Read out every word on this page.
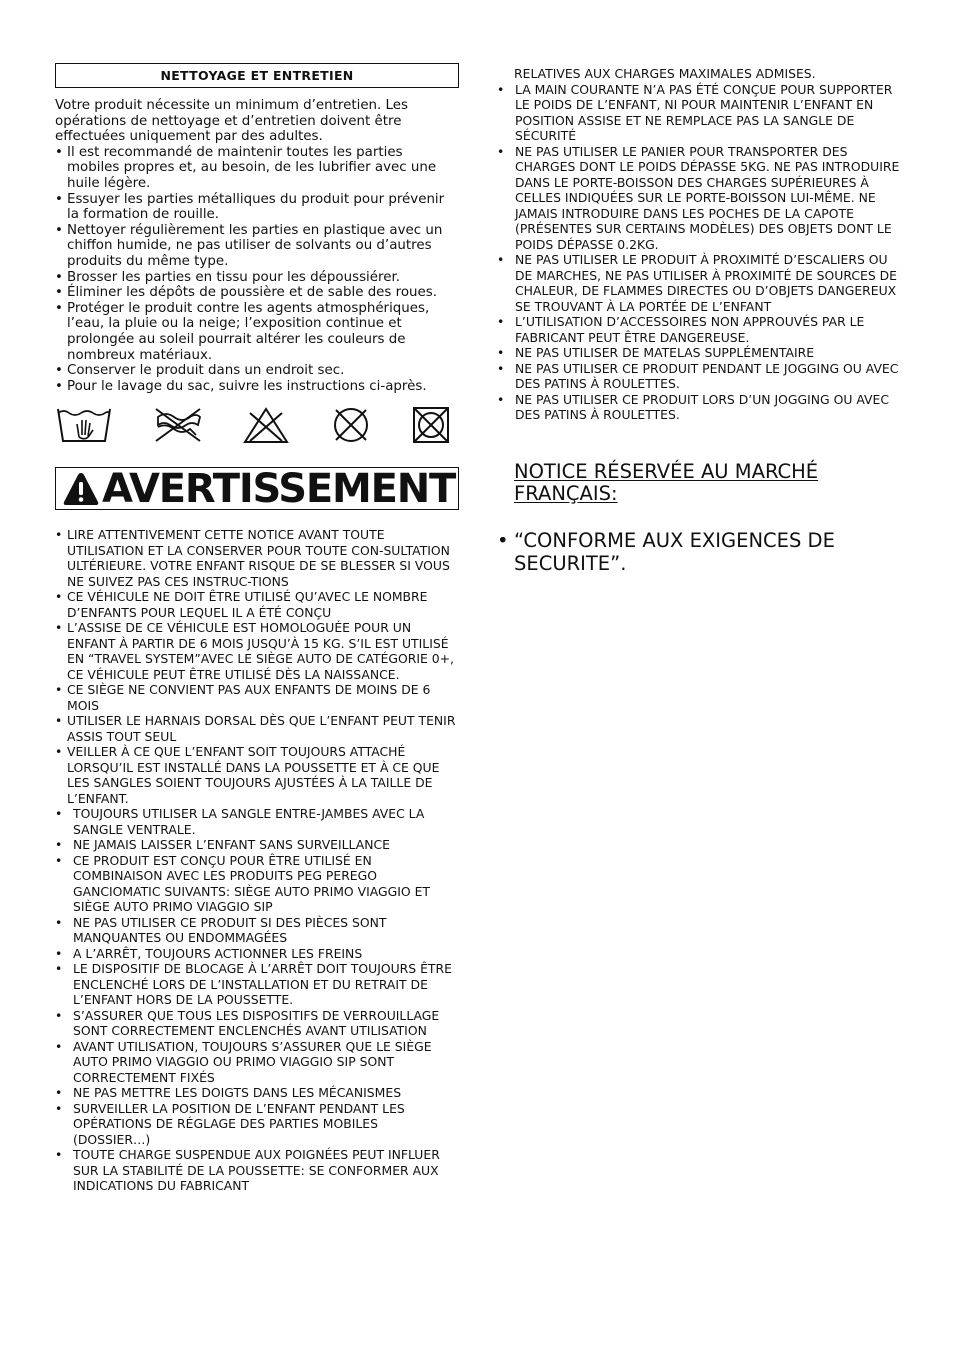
NETTOYAGE ET ENTRETIEN

Votre produit nécessite un minimum d’entretien. Les opérations de nettoyage et d’entretien doivent être effectuées uniquement par des adultes.

• Il est recommandé de maintenir toutes les parties mobiles propres et, au besoin, de les lubrifier avec une huile légère.
• Essuyer les parties métalliques du produit pour prévenir la formation de rouille.
• Nettoyer régulièrement les parties en plastique avec un chiffon humide, ne pas utiliser de solvants ou d’autres produits du même type.
• Brosser les parties en tissu pour les dépoussiérer.
• Éliminer les dépôts de poussière et de sable des roues.
• Protéger le produit contre les agents atmosphériques, l’eau, la pluie ou la neige; l’exposition continue et prolongée au soleil pourrait altérer les couleurs de nombreux matériaux.
• Conserver le produit dans un endroit sec.
• Pour le lavage du sac, suivre les instructions ci-après.
AVERTISSEMENT
• LIRE ATTENTIVEMENT CETTE NOTICE AVANT TOUTE UTILISATION ET LA CONSERVER POUR TOUTE CON-SULTATION ULTÉRIEURE. VOTRE ENFANT RISQUE DE SE BLESSER SI VOUS NE SUIVEZ PAS CES INSTRUC-TIONS
• CE VÉHICULE NE DOIT ÊTRE UTILISÉ QU’AVEC LE NOMBRE D’ENFANTS POUR LEQUEL IL A ÉTÉ CONÇU
• L’ASSISE DE CE VÉHICULE EST HOMOLOGUÉE POUR UN ENFANT À PARTIR DE 6 MOIS JUSQU’À 15 KG. S’IL EST UTILISÉ EN “TRAVEL SYSTEM”AVEC LE SIÈGE AUTO DE CATÉGORIE 0+, CE VÉHICULE PEUT ÊTRE UTILISÉ DÈS LA NAISSANCE.
• CE SIÈGE NE CONVIENT PAS AUX ENFANTS DE MOINS DE 6 MOIS
• UTILISER LE HARNAIS DORSAL DÈS QUE L’ENFANT PEUT TENIR ASSIS TOUT SEUL
• VEILLER À CE QUE L’ENFANT SOIT TOUJOURS ATTACHÉ LORSQU’IL EST INSTALLÉ DANS LA POUSSETTE ET À CE QUE LES SANGLES SOIENT TOUJOURS AJUSTÉES À LA TAILLE DE L’ENFANT.
• TOUJOURS UTILISER LA SANGLE ENTRE-JAMBES AVEC LA SANGLE VENTRALE.
• NE JAMAIS LAISSER L’ENFANT SANS SURVEILLANCE
• CE PRODUIT EST CONÇU POUR ÊTRE UTILISÉ EN COMBINAISON AVEC LES PRODUITS PEG PEREGO GANCIOMATIC SUIVANTS: SIÈGE AUTO PRIMO VIAGGIO ET SIÈGE AUTO PRIMO VIAGGIO SIP
• NE PAS UTILISER CE PRODUIT SI DES PIÈCES SONT MANQUANTES OU ENDOMMAGÉES
• A L’ARRÊT, TOUJOURS ACTIONNER LES FREINS
• LE DISPOSITIF DE BLOCAGE À L’ARRÊT DOIT TOUJOURS ÊTRE ENCLENCHÉ LORS DE L’INSTALLATION ET DU RETRAIT DE L’ENFANT HORS DE LA POUSSETTE.
• S’ASSURER QUE TOUS LES DISPOSITIFS DE VERROUILLAGE SONT CORRECTEMENT ENCLENCHÉS AVANT UTILISATION
• AVANT UTILISATION, TOUJOURS S’ASSURER QUE LE SIÈGE AUTO PRIMO VIAGGIO OU PRIMO VIAGGIO SIP SONT CORRECTEMENT FIXÉS
• NE PAS METTRE LES DOIGTS DANS LES MÉCANISMES
• SURVEILLER LA POSITION DE L’ENFANT PENDANT LES OPÉRATIONS DE RÉGLAGE DES PARTIES MOBILES (DOSSIER…)
• TOUTE CHARGE SUSPENDUE AUX POIGNÉES PEUT INFLUER SUR LA STABILITÉ DE LA POUSSETTE: SE CONFORMER AUX INDICATIONS DU FABRICANT
RELATIVES AUX CHARGES MAXIMALES ADMISES.
• LA MAIN COURANTE N’A PAS ÉTÉ CONÇUE POUR SUPPORTER LE POIDS DE L’ENFANT, NI POUR MAINTENIR L’ENFANT EN POSITION ASSISE ET NE REMPLACE PAS LA SANGLE DE SÉCURITÉ
• NE PAS UTILISER LE PANIER POUR TRANSPORTER DES CHARGES DONT LE POIDS DÉPASSE 5KG. NE PAS INTRODUIRE DANS LE PORTE-BOISSON DES CHARGES SUPÉRIEURES À CELLES INDIQUÉES SUR LE PORTE-BOISSON LUI-MÊME. NE JAMAIS INTRODUIRE DANS LES POCHES DE LA CAPOTE (PRÉSENTES SUR CERTAINS MODÈLES) DES OBJETS DONT LE POIDS DÉPASSE 0.2KG.
• NE PAS UTILISER LE PRODUIT À PROXIMITÉ D’ESCALIERS OU DE MARCHES, NE PAS UTILISER À PROXIMITÉ DE SOURCES DE CHALEUR, DE FLAMMES DIRECTES OU D’OBJETS DANGEREUX SE TROUVANT À LA PORTÉE DE L’ENFANT
• L’UTILISATION D’ACCESSOIRES NON APPROUVÉS PAR LE FABRICANT PEUT ÊTRE DANGEREUSE.
• NE PAS UTILISER DE MATELAS SUPPLÉMENTAIRE
• NE PAS UTILISER CE PRODUIT PENDANT LE JOGGING OU AVEC DES PATINS À ROULETTES.
• NE PAS UTILISER CE PRODUIT LORS D’UN JOGGING OU AVEC DES PATINS À ROULETTES.
NOTICE RÉSERVÉE AU MARCHÉ FRANÇAIS:
• “CONFORME AUX EXIGENCES DE SECURITE”.
